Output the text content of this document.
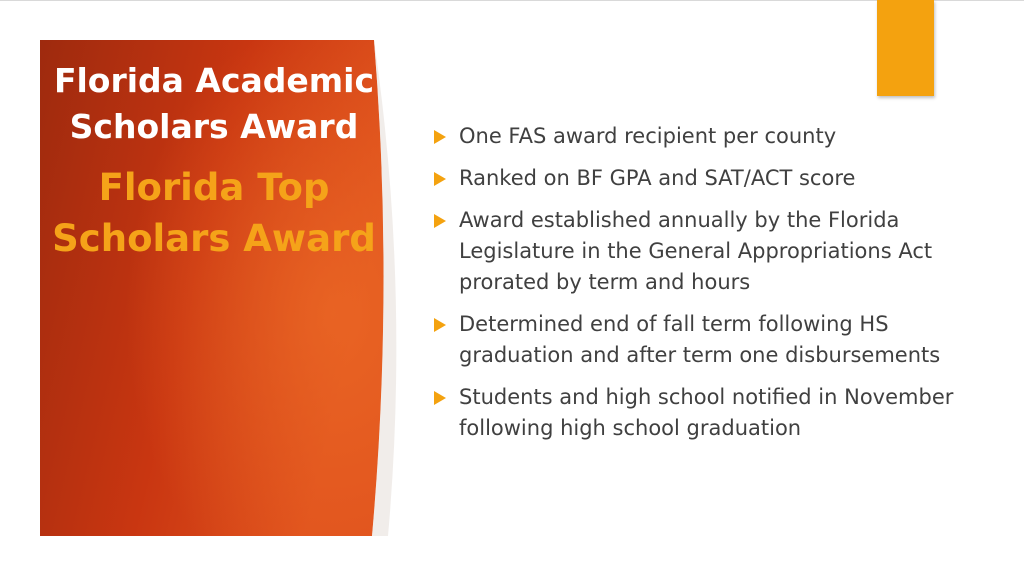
Florida Academic Scholars Award

Florida Top Scholars Award

One FAS award recipient per county
Ranked on BF GPA and SAT/ACT score
Award established annually by the Florida Legislature in the General Appropriations Act prorated by term and hours
Determined end of fall term following HS graduation and after term one disbursements
Students and high school notified in November following high school graduation
